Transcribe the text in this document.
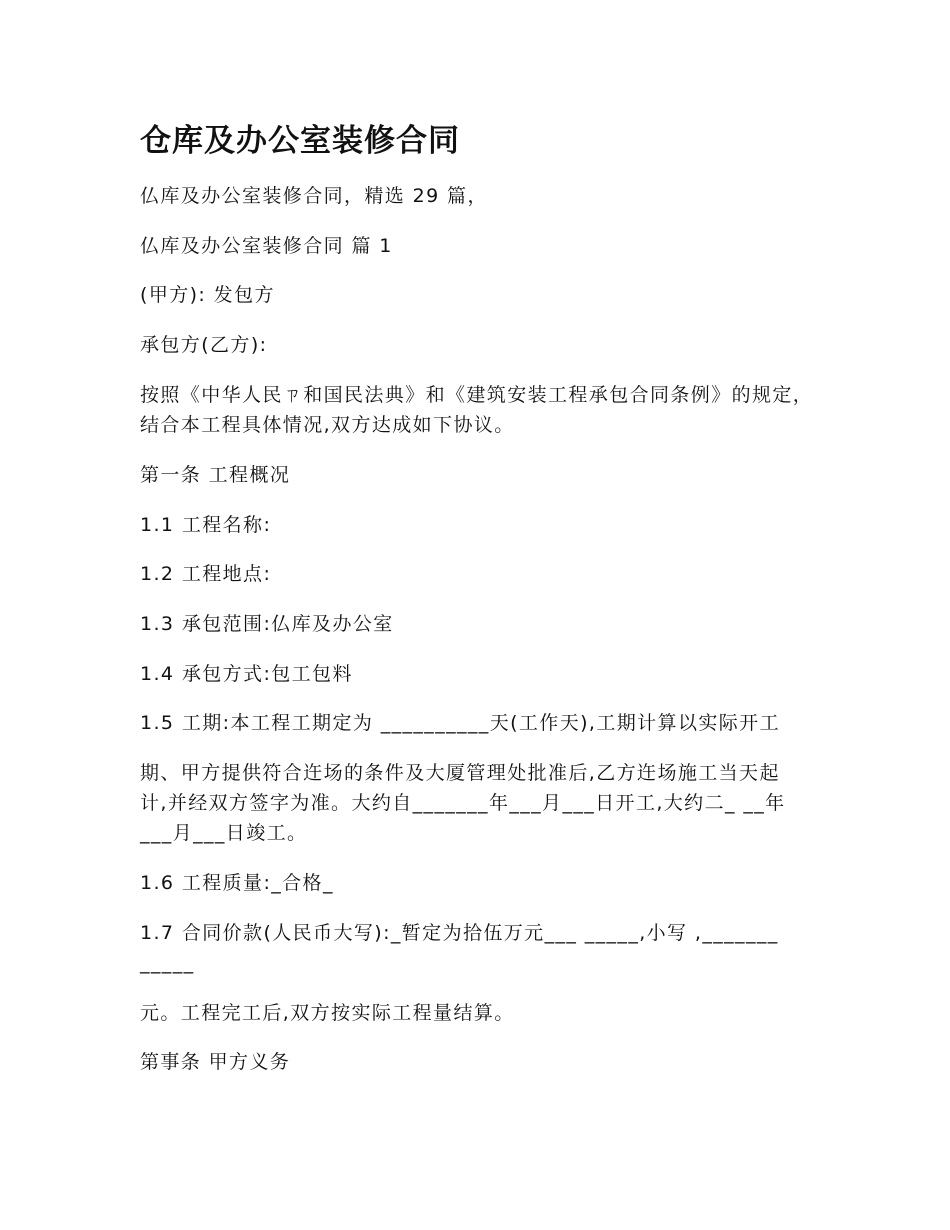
仓库及办公室装修合同

仏库及办公室装修合同，精选 29 篇，

仏库及办公室装修合同 篇 1

(甲方): 发包方

承包方(乙方):

按照《中华人民ㄗ和国民法典》和《建筑安装工程承包合同条例》的规定，

结合本工程具体情况,双方达成如下协议。

第一条 工程概况

1.1 工程名称:

1.2 工程地点:

1.3 承包范围:仏库及办公室

1.4 承包方式:包工包料

1.5 工期:本工程工期定为 __________天(工作天),工期计算以实际开工

期、甲方提供符合迕场的条件及大厦管理处批准后,乙方迕场施工当天起

计,并经双方签字为准。大约自_______年___月___日开工,大约二_ __年

___月___日竣工。

1.6 工程质量:_合格_

1.7 合同价款(人民币大写):_暂定为拾伍万元___ _____,小写 ,_______

_____

元。工程完工后,双方按实际工程量结算。

第事条 甲方义务
